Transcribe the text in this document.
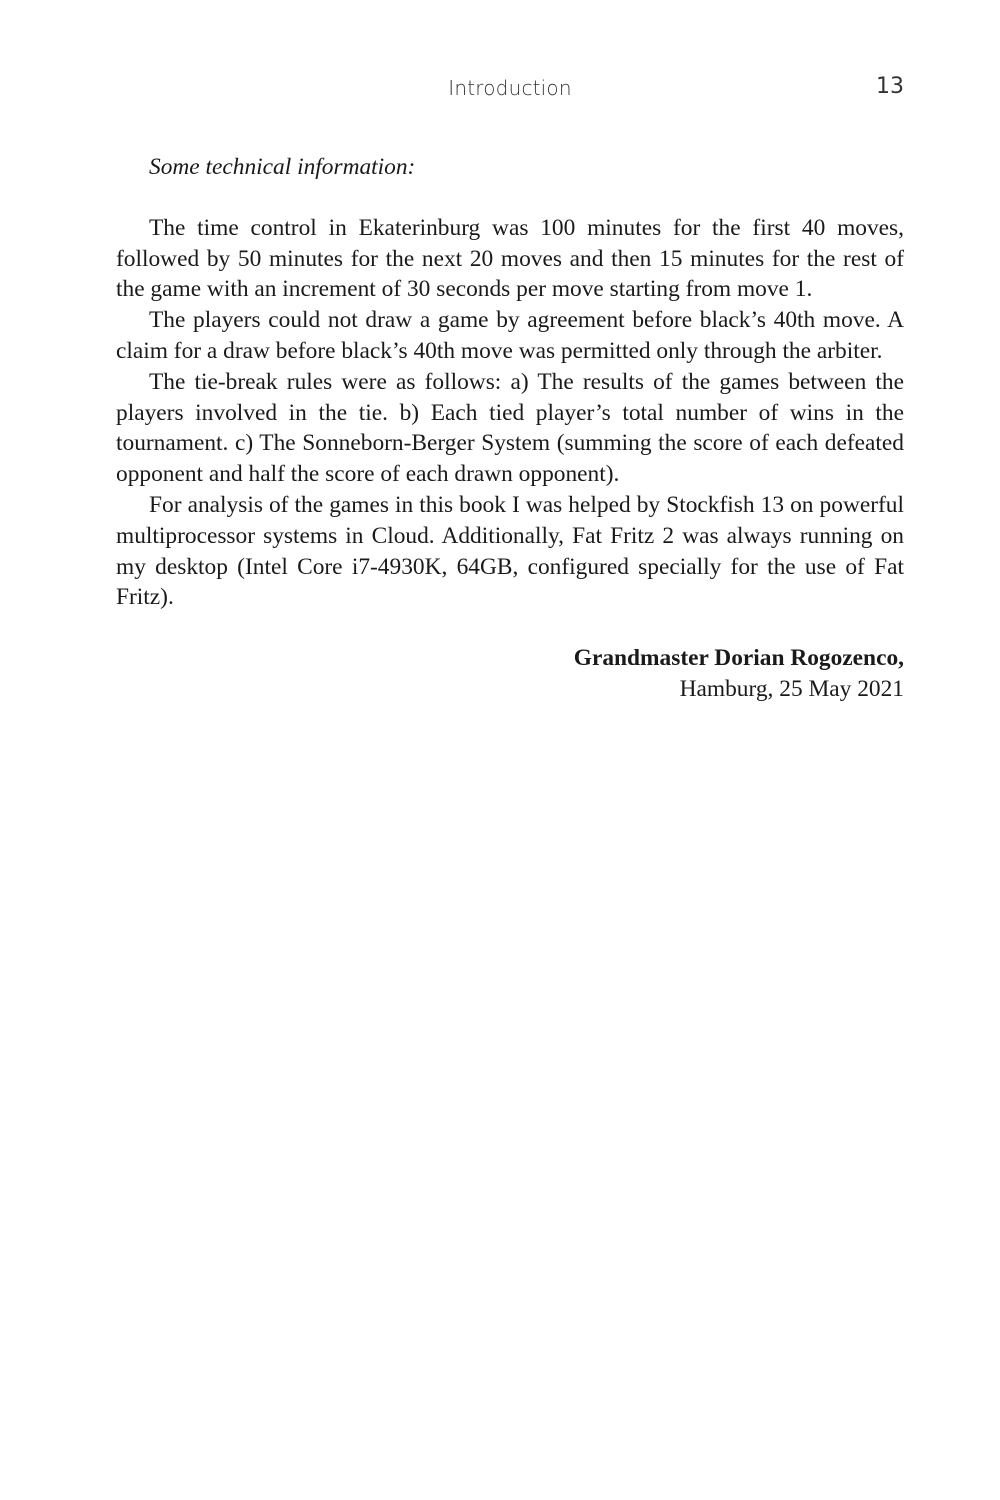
Introduction	13

Some technical information:

The time control in Ekaterinburg was 100 minutes for the first 40 moves, followed by 50 minutes for the next 20 moves and then 15 minutes for the rest of the game with an increment of 30 seconds per move starting from move 1.

The players could not draw a game by agreement before black’s 40th move. A claim for a draw before black’s 40th move was permitted only through the arbiter.

The tie-break rules were as follows: a) The results of the games between the players involved in the tie. b) Each tied player’s total number of wins in the tournament. c) The Sonneborn-Berger System (summing the score of each defeated opponent and half the score of each drawn opponent).

For analysis of the games in this book I was helped by Stockfish 13 on powerful multiprocessor systems in Cloud. Additionally, Fat Fritz 2 was always running on my desktop (Intel Core i7-4930K, 64GB, configured specially for the use of Fat Fritz).

Grandmaster Dorian Rogozenco,
Hamburg, 25 May 2021
